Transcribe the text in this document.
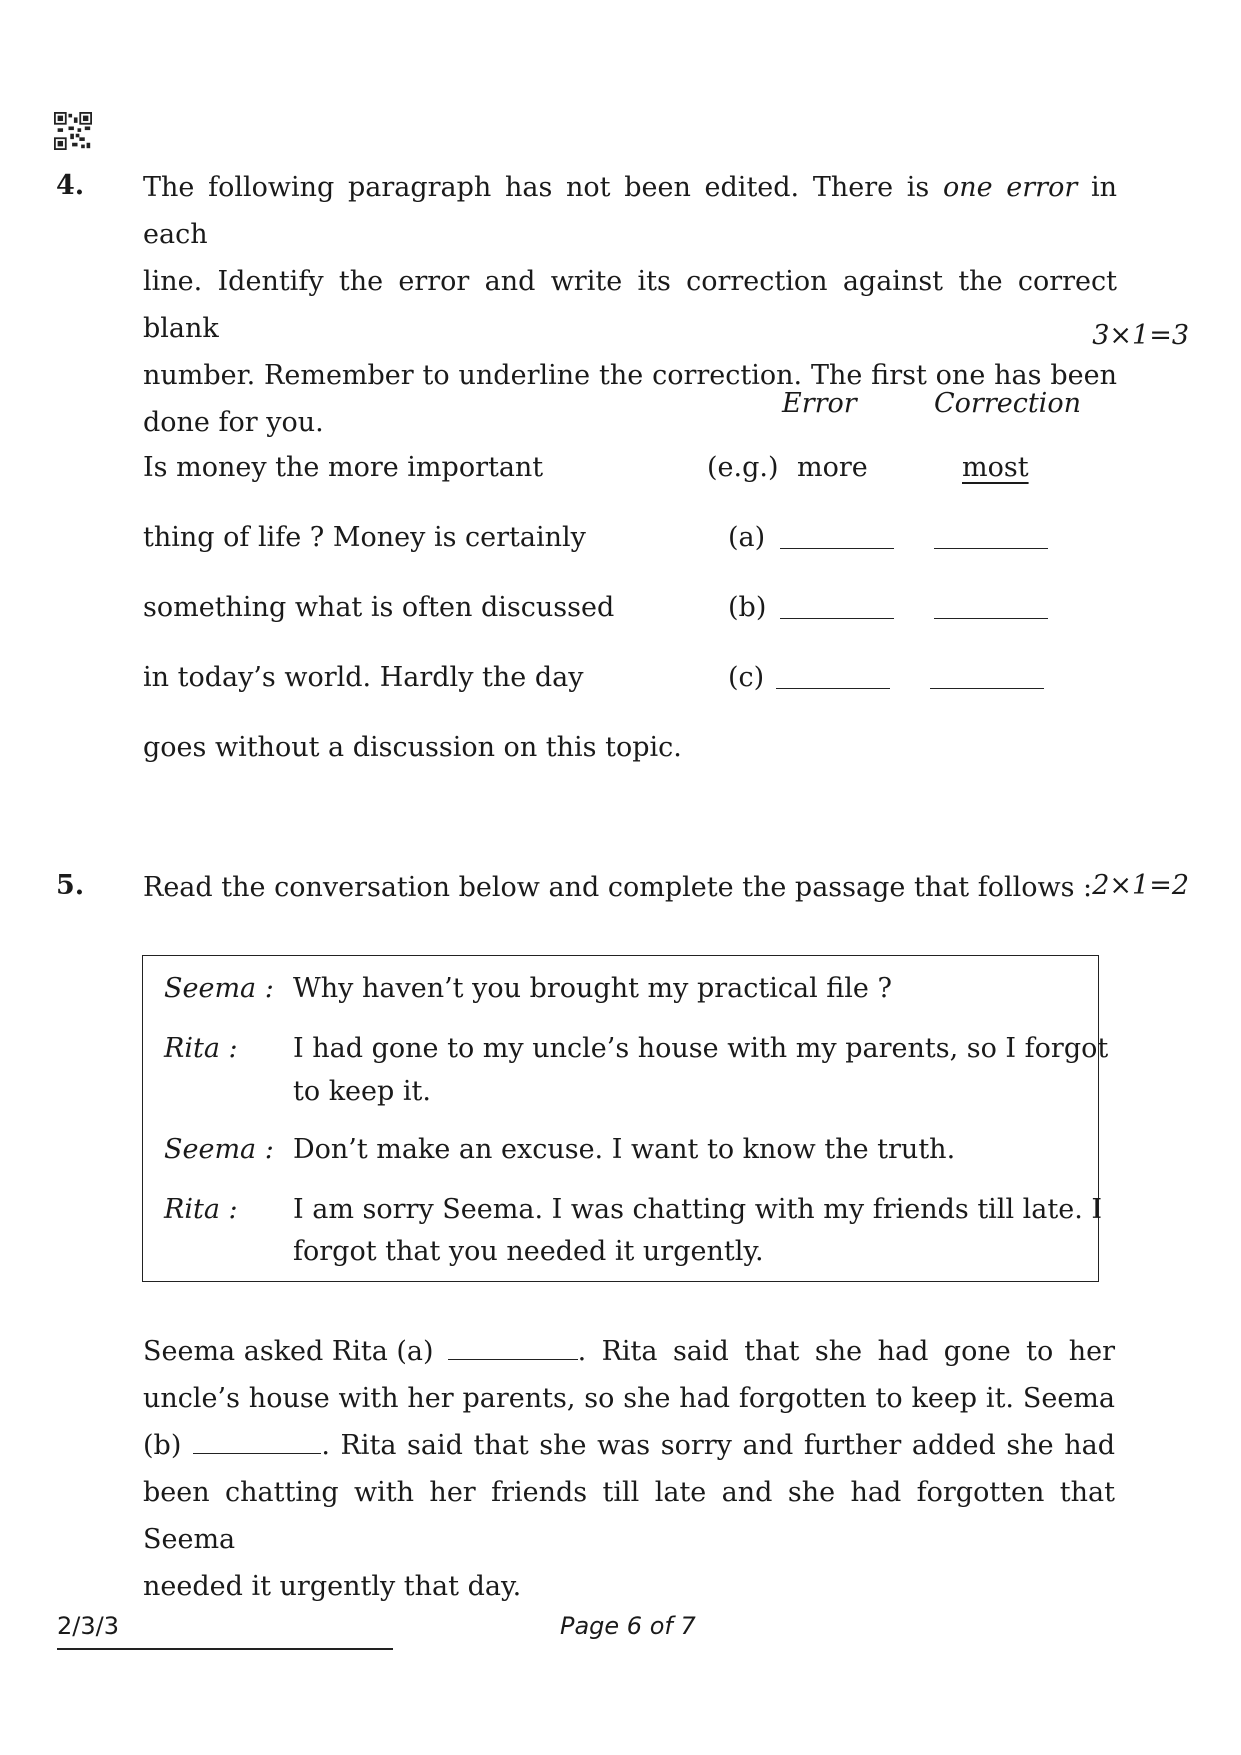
4. The following paragraph has not been edited. There is one error in each
line. Identify the error and write its correction against the correct blank
number. Remember to underline the correction. The first one has been
done for you.
3×1=3
Error	Correction
Is money the more important	(e.g.) more	most
thing of life ? Money is certainly	(a)
something what is often discussed	(b)
in today’s world. Hardly the day	(c)
goes without a discussion on this topic.
5. Read the conversation below and complete the passage that follows : 2×1=2
Seema : Why haven’t you brought my practical file ?
Rita : I had gone to my uncle’s house with my parents, so I forgot
to keep it.
Seema : Don’t make an excuse. I want to know the truth.
Rita : I am sorry Seema. I was chatting with my friends till late. I
forgot that you needed it urgently.
Seema asked Rita (a)	. Rita said that she had gone to her
uncle’s house with her parents, so she had forgotten to keep it. Seema
(b)	. Rita said that she was sorry and further added she had
been chatting with her friends till late and she had forgotten that Seema
needed it urgently that day.
2/3/3	Page 6 of 7
